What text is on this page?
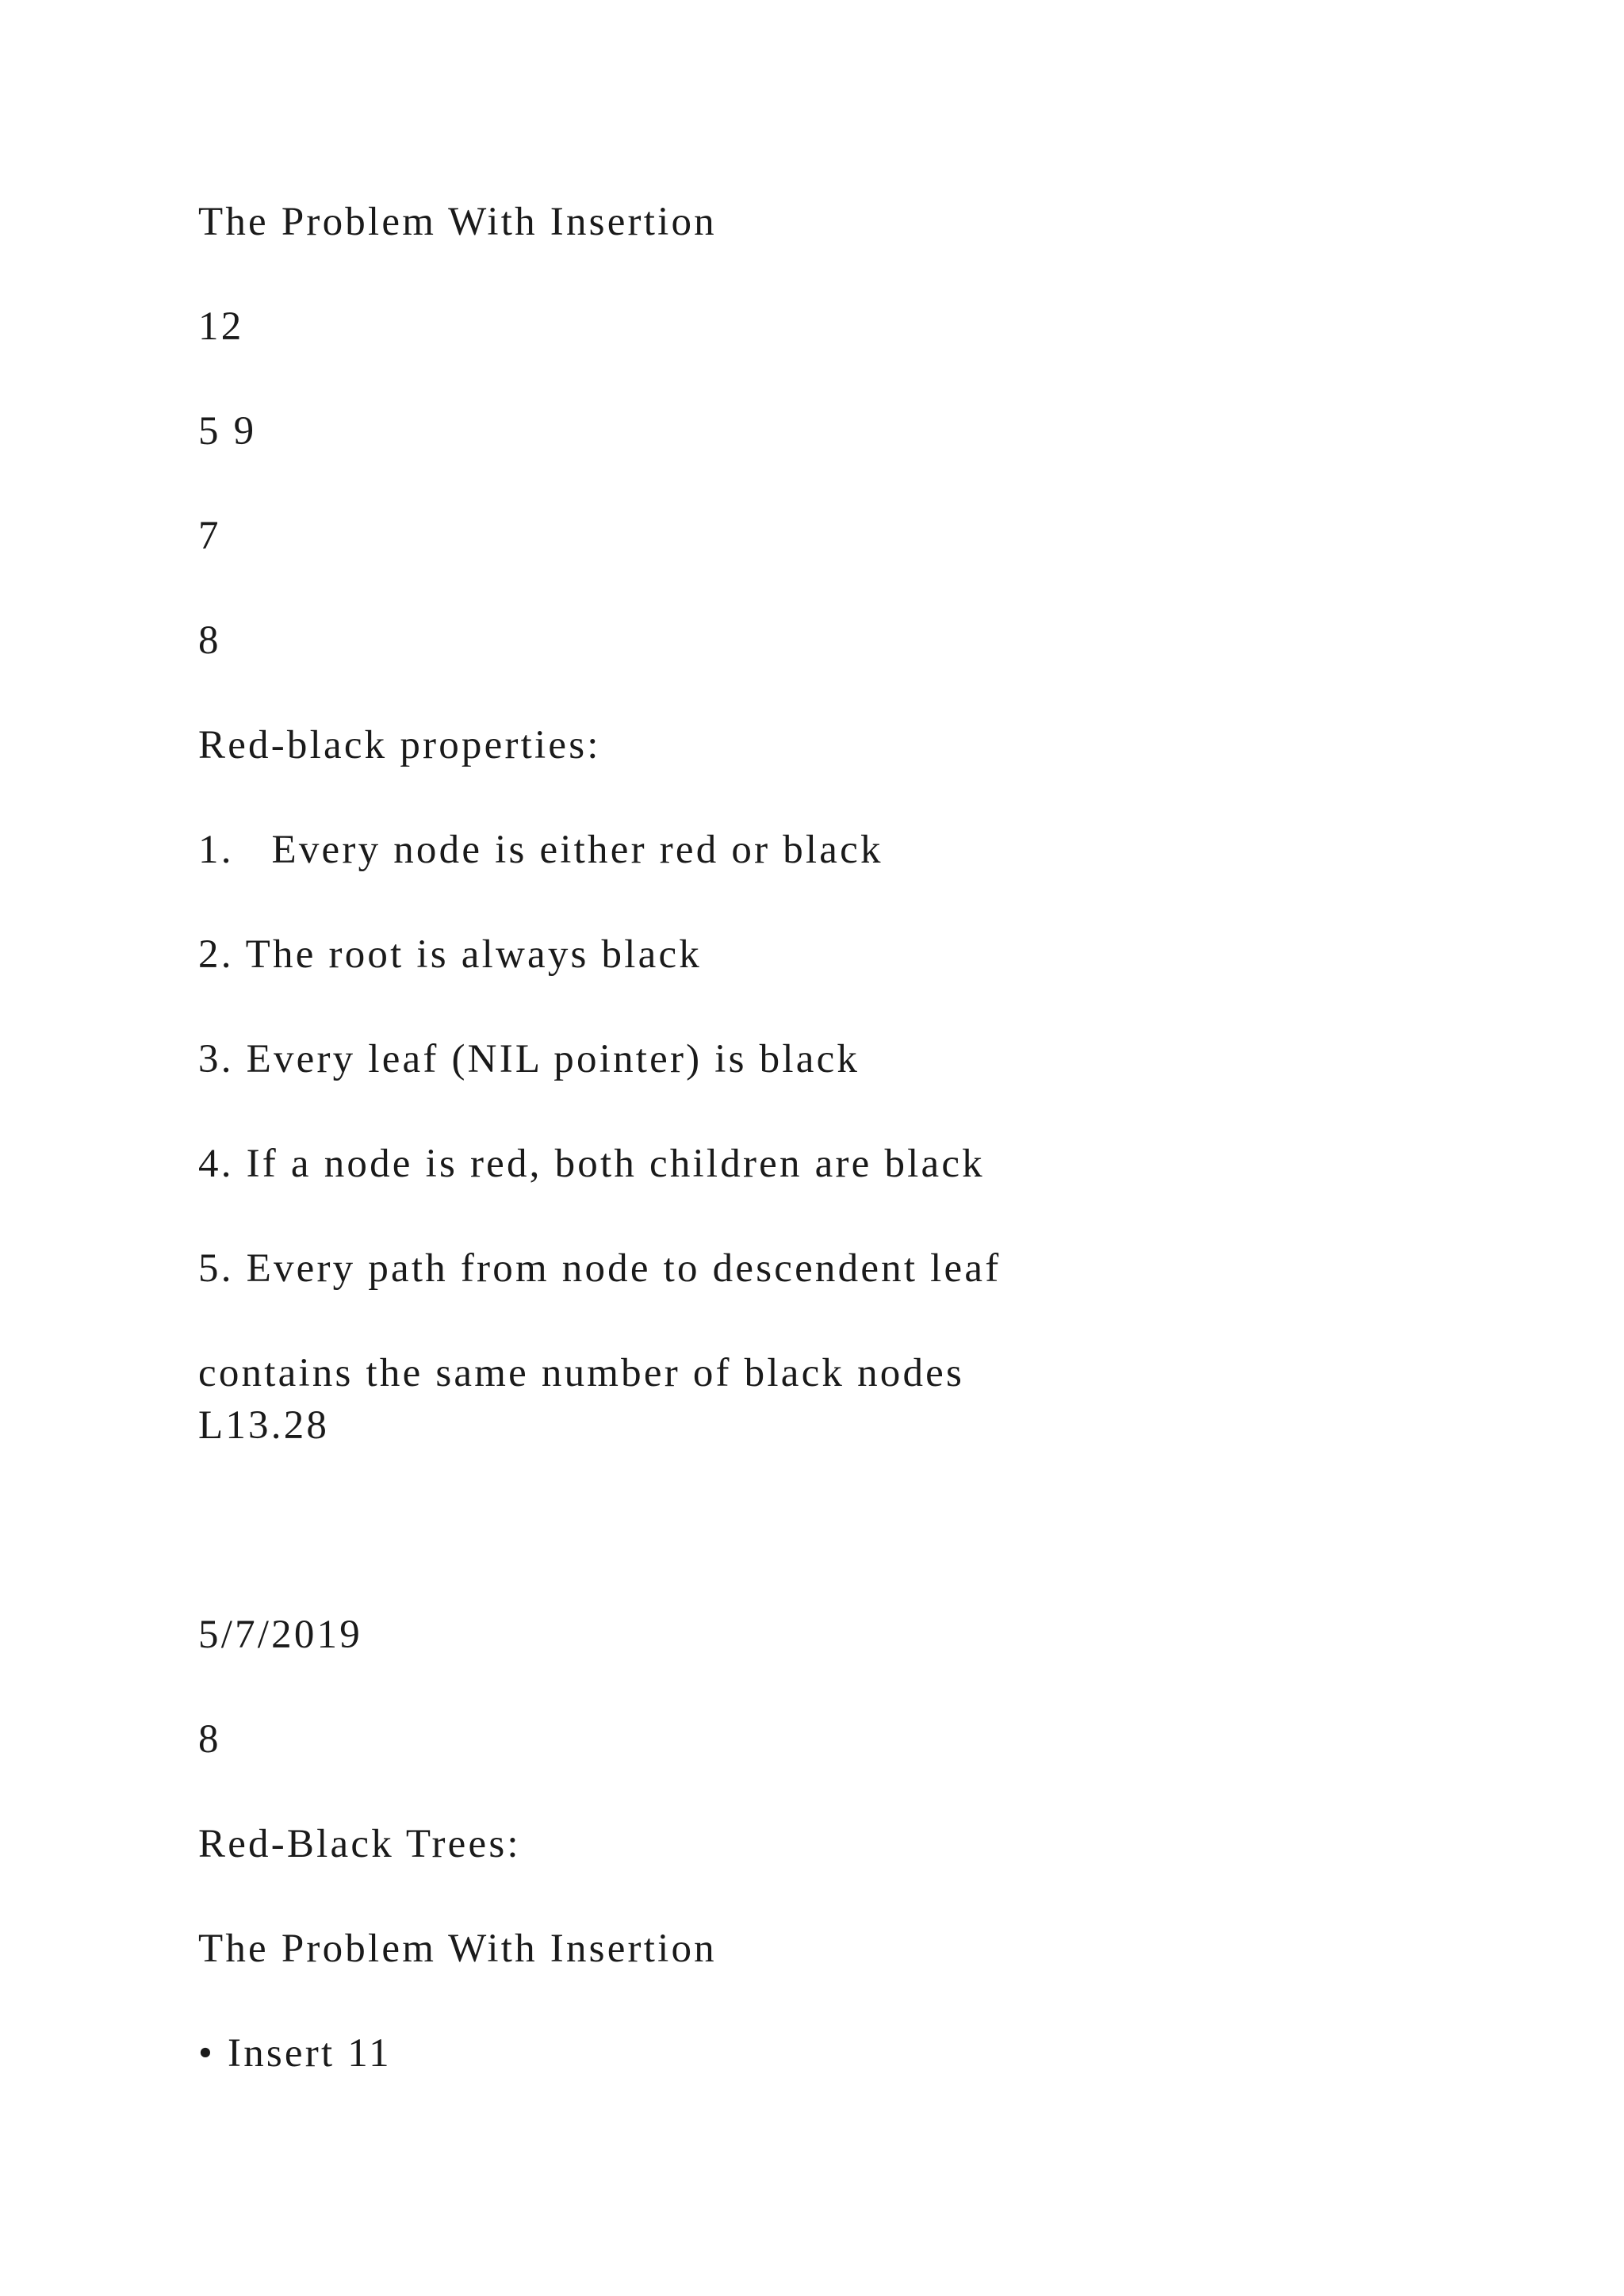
The Problem With Insertion

12

5 9

7

8

Red-black properties:

1.   Every node is either red or black

2. The root is always black

3. Every leaf (NIL pointer) is black

4. If a node is red, both children are black

5. Every path from node to descendent leaf

contains the same number of black nodes

L13.28

5/7/2019

8

Red-Black Trees:

The Problem With Insertion

• Insert 11
